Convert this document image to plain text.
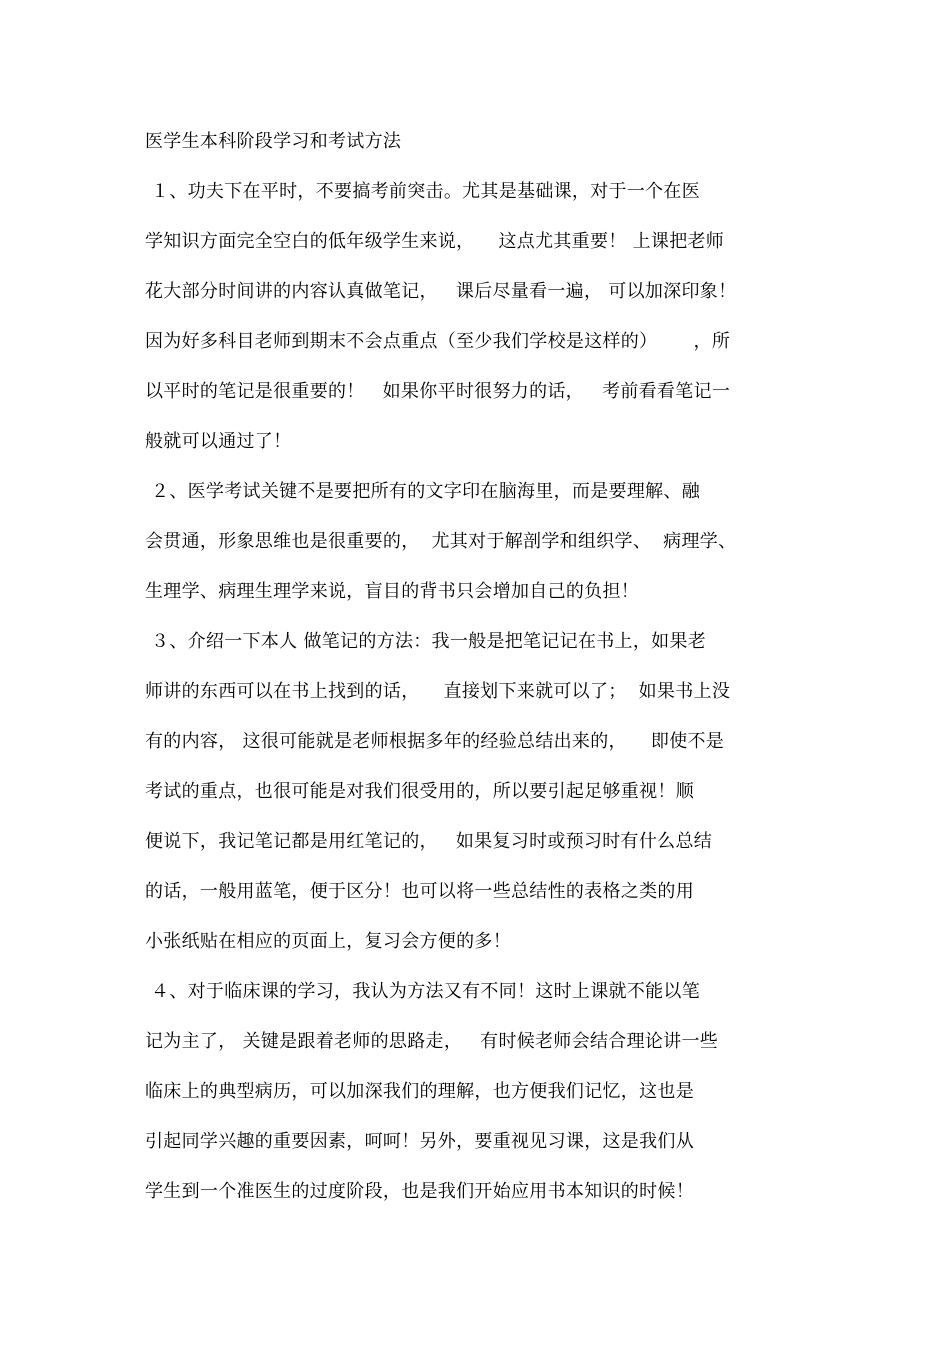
医学生本科阶段学习和考试方法
１、功夫下在平时，不要搞考前突击。尤其是基础课，对于一个在医
学知识方面完全空白的低年级学生来说，    这点尤其重要！ 上课把老师
花大部分时间讲的内容认真做笔记，   课后尽量看一遍， 可以加深印象！
因为好多科目老师到期末不会点重点（至少我们学校是这样的）      ，所
以平时的笔记是很重要的！   如果你平时很努力的话，   考前看看笔记一
般就可以通过了！
２、医学考试关键不是要把所有的文字印在脑海里，而是要理解、融
会贯通，形象思维也是很重要的，  尤其对于解剖学和组织学、  病理学、
生理学、病理生理学来说，盲目的背书只会增加自己的负担！
３、介绍一下本人 做笔记的方法：我一般是把笔记记在书上，如果老
师讲的东西可以在书上找到的话，    直接划下来就可以了；  如果书上没
有的内容， 这很可能就是老师根据多年的经验总结出来的，    即使不是
考试的重点，也很可能是对我们很受用的，所以要引起足够重视！顺
便说下，我记笔记都是用红笔记的，   如果复习时或预习时有什么总结
的话，一般用蓝笔，便于区分！也可以将一些总结性的表格之类的用
小张纸贴在相应的页面上，复习会方便的多！
４、对于临床课的学习，我认为方法又有不同！这时上课就不能以笔
记为主了， 关键是跟着老师的思路走，   有时候老师会结合理论讲一些
临床上的典型病历，可以加深我们的理解，也方便我们记忆，这也是
引起同学兴趣的重要因素，呵呵！另外，要重视见习课，这是我们从
学生到一个准医生的过度阶段，也是我们开始应用书本知识的时候！
